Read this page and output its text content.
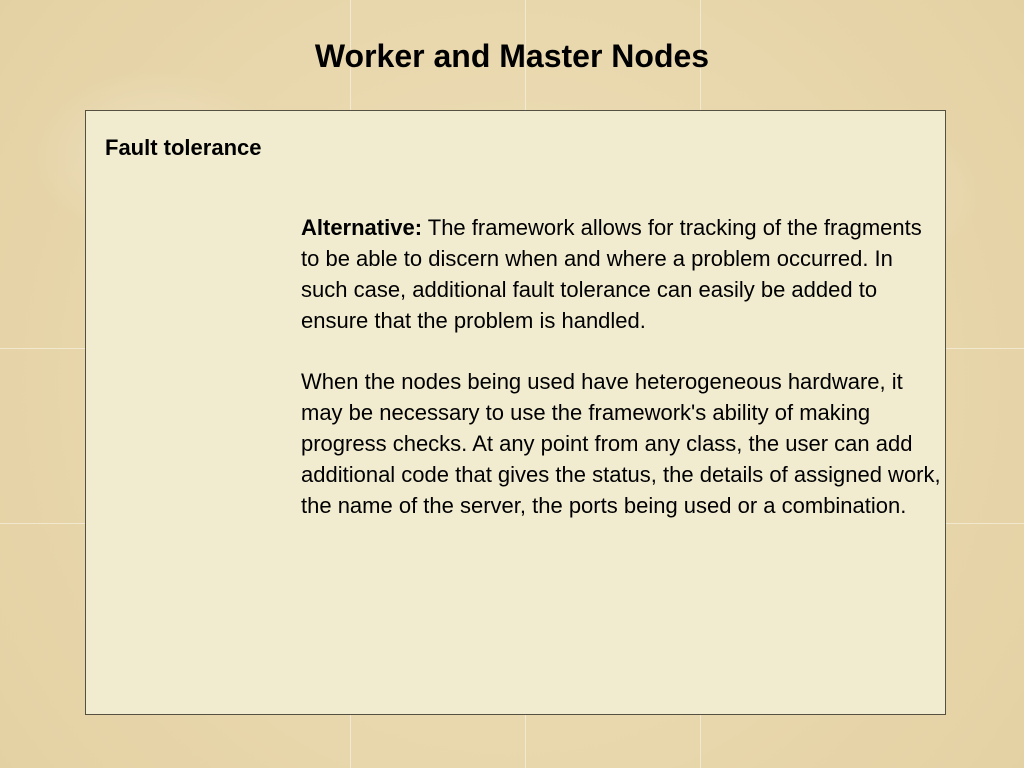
Worker and Master Nodes
Fault tolerance

Alternative: The framework allows for tracking of the fragments to be able to discern when and where a problem occurred. In such case, additional fault tolerance can easily be added to ensure that the problem is handled.

When the nodes being used have heterogeneous hardware, it may be necessary to use the framework's ability of making progress checks. At any point from any class, the user can add additional code that gives the status, the details of assigned work, the name of the server, the ports being used or a combination.
